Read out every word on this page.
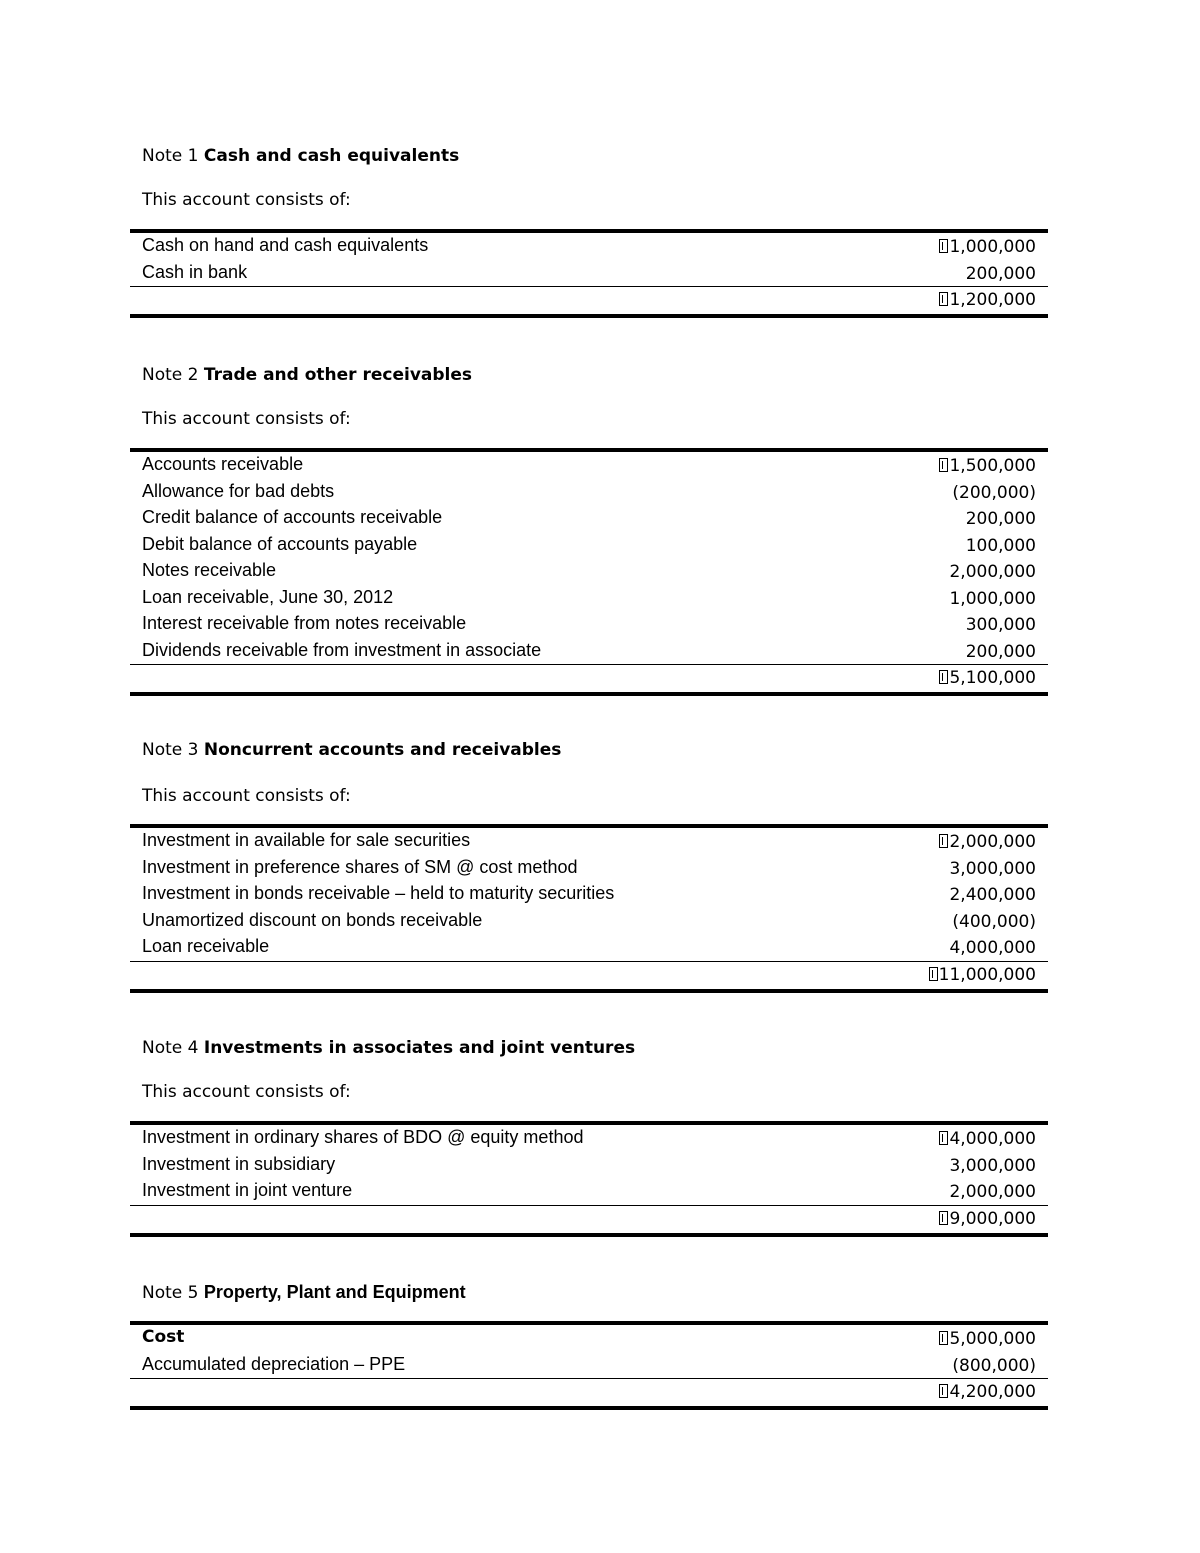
Note 1 Cash and cash equivalents
This account consists of:
Cash on hand and cash equivalents	1,000,000
Cash in bank	200,000
1,200,000
Note 2 Trade and other receivables
This account consists of:
Accounts receivable	1,500,000
Allowance for bad debts	(200,000)
Credit balance of accounts receivable	200,000
Debit balance of accounts payable	100,000
Notes receivable	2,000,000
Loan receivable, June 30, 2012	1,000,000
Interest receivable from notes receivable	300,000
Dividends receivable from investment in associate	200,000
5,100,000
Note 3 Noncurrent accounts and receivables
This account consists of:
Investment in available for sale securities	2,000,000
Investment in preference shares of SM @ cost method	3,000,000
Investment in bonds receivable – held to maturity securities	2,400,000
Unamortized discount on bonds receivable	(400,000)
Loan receivable	4,000,000
11,000,000
Note 4 Investments in associates and joint ventures
This account consists of:
Investment in ordinary shares of BDO @ equity method	4,000,000
Investment in subsidiary	3,000,000
Investment in joint venture	2,000,000
9,000,000
Note 5 Property, Plant and Equipment
Cost	5,000,000
Accumulated depreciation – PPE	(800,000)
4,200,000
